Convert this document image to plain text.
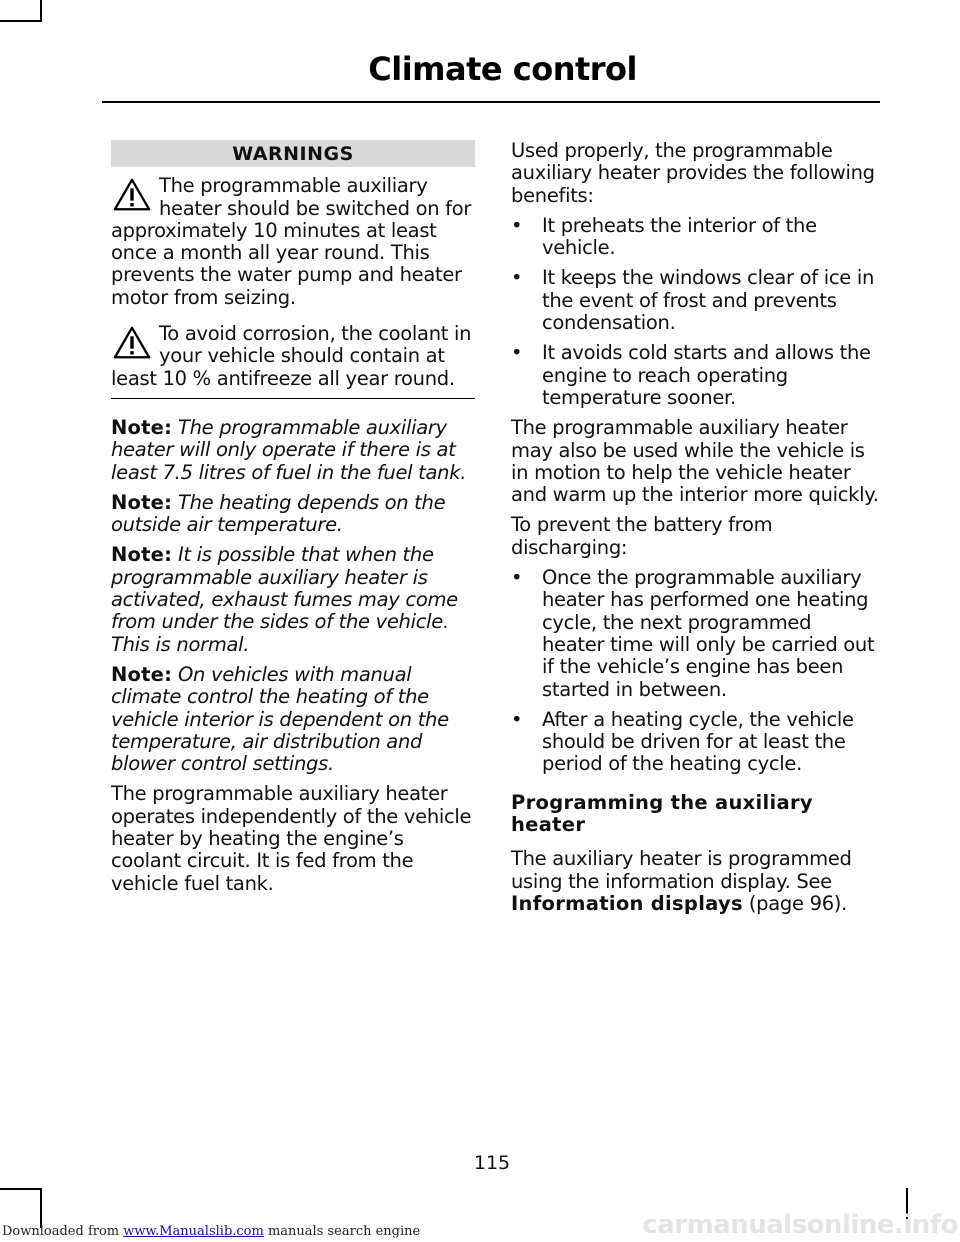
Climate control
WARNINGS
The programmable auxiliary heater should be switched on for approximately 10 minutes at least once a month all year round. This prevents the water pump and heater motor from seizing.
To avoid corrosion, the coolant in your vehicle should contain at least 10 % antifreeze all year round.

Note: The programmable auxiliary heater will only operate if there is at least 7.5 litres of fuel in the fuel tank.

Note: The heating depends on the outside air temperature.

Note: It is possible that when the programmable auxiliary heater is activated, exhaust fumes may come from under the sides of the vehicle. This is normal.

Note: On vehicles with manual climate control the heating of the vehicle interior is dependent on the temperature, air distribution and blower control settings.

The programmable auxiliary heater operates independently of the vehicle heater by heating the engine’s coolant circuit. It is fed from the vehicle fuel tank.

Used properly, the programmable auxiliary heater provides the following benefits:

• It preheats the interior of the vehicle.
• It keeps the windows clear of ice in the event of frost and prevents condensation.
• It avoids cold starts and allows the engine to reach operating temperature sooner.

The programmable auxiliary heater may also be used while the vehicle is in motion to help the vehicle heater and warm up the interior more quickly.

To prevent the battery from discharging:

• Once the programmable auxiliary heater has performed one heating cycle, the next programmed heater time will only be carried out if the vehicle’s engine has been started in between.
• After a heating cycle, the vehicle should be driven for at least the period of the heating cycle.
Programming the auxiliary heater

The auxiliary heater is programmed using the information display. See Information displays (page 96).

115
carmanualsonline.info
Downloaded from www.Manualslib.com manuals search engine
